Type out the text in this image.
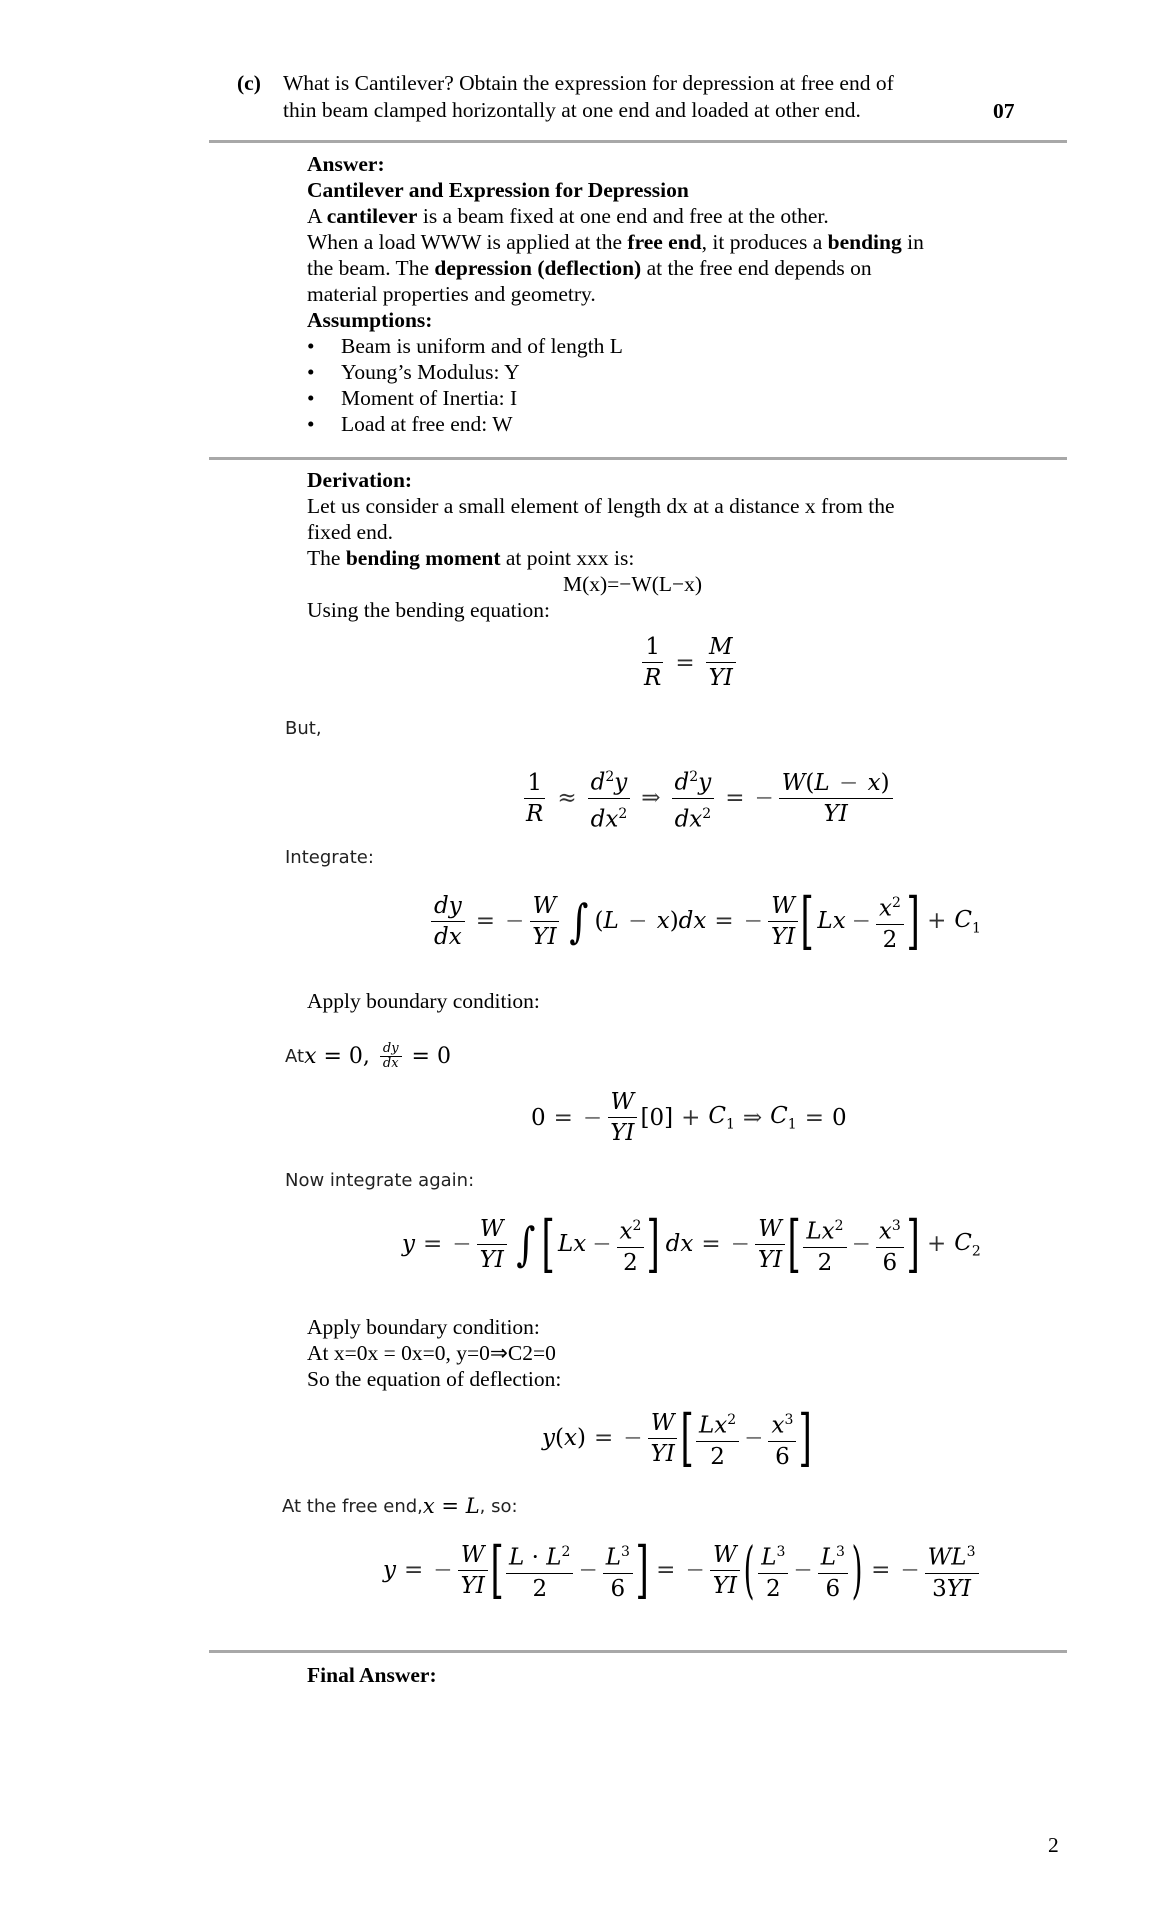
(c) What is Cantilever? Obtain the expression for depression at free end of
thin beam clamped horizontally at one end and loaded at other end.	07
Answer:
Cantilever and Expression for Depression
A cantilever is a beam fixed at one end and free at the other.
When a load WWW is applied at the free end, it produces a bending in
the beam. The depression (deflection) at the free end depends on
material properties and geometry.
Assumptions:
• Beam is uniform and of length L
• Young’s Modulus: Y
• Moment of Inertia: I
• Load at free end: W
Derivation:
Let us consider a small element of length dx at a distance x from the
fixed end.
The bending moment at point xxx is:
M(x)=−W(L−x)
Using the bending equation:
$\frac{1}{R} = \frac{M}{YI}$
But,
$\frac{1}{R} \approx \frac{d^2y}{dx^2}$ ⇒ $\frac{d^2y}{dx^2}$ = − $\frac{W(L - x)}{YI}$
Integrate:
$\frac{dy}{dx}$ = − $\frac{W}{YI}$ ∫ (L − x)dx = − $\frac{W}{YI}$ [ $Lx - \frac{x^2}{2}$ ] + $C_1$
Apply boundary condition:
At x = 0, $\frac{dy}{dx} = 0$
0 = − $\frac{W}{YI} [0] + C_1$ ⇒ $C_1 = 0$
Now integrate again:
y = − $\frac{W}{YI}$ ∫ [ $Lx - \frac{x^2}{2}$ ] dx = − $\frac{W}{YI}$ [ $\frac{Lx^2}{2} - \frac{x^3}{6}$ ] + $C_2$
Apply boundary condition:
At x=0x = 0x=0, y=0⇒C2=0
So the equation of deflection:
y(x) = − $\frac{W}{YI}$ [ $\frac{Lx^2}{2} - \frac{x^3}{6}$ ]
At the free end, x = L , so:
y = − $\frac{W}{YI}$ [ $\frac{L \cdot L^2}{2} - \frac{L^3}{6}$ ] = − $\frac{W}{YI}$ ( $\frac{L^3}{2} - \frac{L^3}{6}$ ) = − $\frac{WL^3}{3YI}$
Final Answer:
2
